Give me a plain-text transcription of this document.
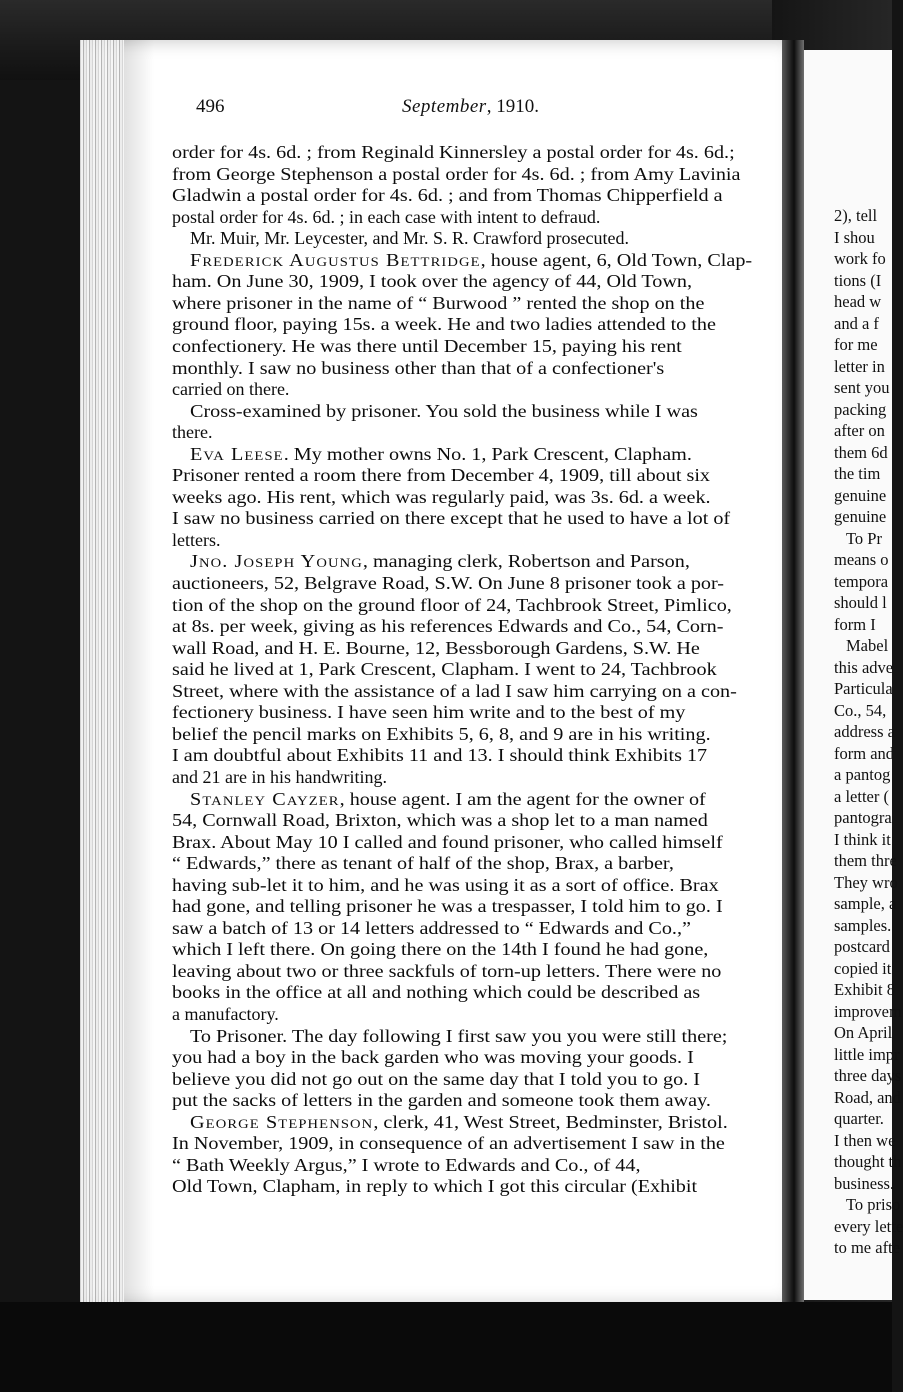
2), tell
I shou
work fo
tions (I
head w
and a f
for me
letter in
sent you
packing
after on
them 6d
the tim
genuine
genuine
To Pr
means o
tempora
should l
form I
Mabel
this adve
Particula
Co., 54,
address a
form and
a pantog
a letter (
pantogra
I think it
them thre
They wro
sample, a
samples.
postcard
copied it
Exhibit 8
improvem
On April
little impr
three days
Road, and
quarter.
I then we
thought th
business.
To priso
every lette
to me afte
496	September, 1910.
order for 4s. 6d. ; from Reginald Kinnersley a postal order for 4s. 6d.;
from George Stephenson a postal order for 4s. 6d. ; from Amy Lavinia
Gladwin a postal order for 4s. 6d. ; and from Thomas Chipperfield a
postal order for 4s. 6d. ; in each case with intent to defraud.
Mr. Muir, Mr. Leycester, and Mr. S. R. Crawford prosecuted.
Frederick Augustus Bettridge, house agent, 6, Old Town, Clap-
ham. On June 30, 1909, I took over the agency of 44, Old Town,
where prisoner in the name of “ Burwood ” rented the shop on the
ground floor, paying 15s. a week. He and two ladies attended to the
confectionery. He was there until December 15, paying his rent
monthly. I saw no business other than that of a confectioner's
carried on there.
Cross-examined by prisoner. You sold the business while I was
there.
Eva Leese. My mother owns No. 1, Park Crescent, Clapham.
Prisoner rented a room there from December 4, 1909, till about six
weeks ago. His rent, which was regularly paid, was 3s. 6d. a week.
I saw no business carried on there except that he used to have a lot of
letters.
Jno. Joseph Young, managing clerk, Robertson and Parson,
auctioneers, 52, Belgrave Road, S.W. On June 8 prisoner took a por-
tion of the shop on the ground floor of 24, Tachbrook Street, Pimlico,
at 8s. per week, giving as his references Edwards and Co., 54, Corn-
wall Road, and H. E. Bourne, 12, Bessborough Gardens, S.W. He
said he lived at 1, Park Crescent, Clapham. I went to 24, Tachbrook
Street, where with the assistance of a lad I saw him carrying on a con-
fectionery business. I have seen him write and to the best of my
belief the pencil marks on Exhibits 5, 6, 8, and 9 are in his writing.
I am doubtful about Exhibits 11 and 13. I should think Exhibits 17
and 21 are in his handwriting.
Stanley Cayzer, house agent. I am the agent for the owner of
54, Cornwall Road, Brixton, which was a shop let to a man named
Brax. About May 10 I called and found prisoner, who called himself
“ Edwards,” there as tenant of half of the shop, Brax, a barber,
having sub-let it to him, and he was using it as a sort of office. Brax
had gone, and telling prisoner he was a trespasser, I told him to go. I
saw a batch of 13 or 14 letters addressed to “ Edwards and Co.,”
which I left there. On going there on the 14th I found he had gone,
leaving about two or three sackfuls of torn-up letters. There were no
books in the office at all and nothing which could be described as
a manufactory.
To Prisoner. The day following I first saw you you were still there;
you had a boy in the back garden who was moving your goods. I
believe you did not go out on the same day that I told you to go. I
put the sacks of letters in the garden and someone took them away.
George Stephenson, clerk, 41, West Street, Bedminster, Bristol.
In November, 1909, in consequence of an advertisement I saw in the
“ Bath Weekly Argus,” I wrote to Edwards and Co., of 44,
Old Town, Clapham, in reply to which I got this circular (Exhibit
